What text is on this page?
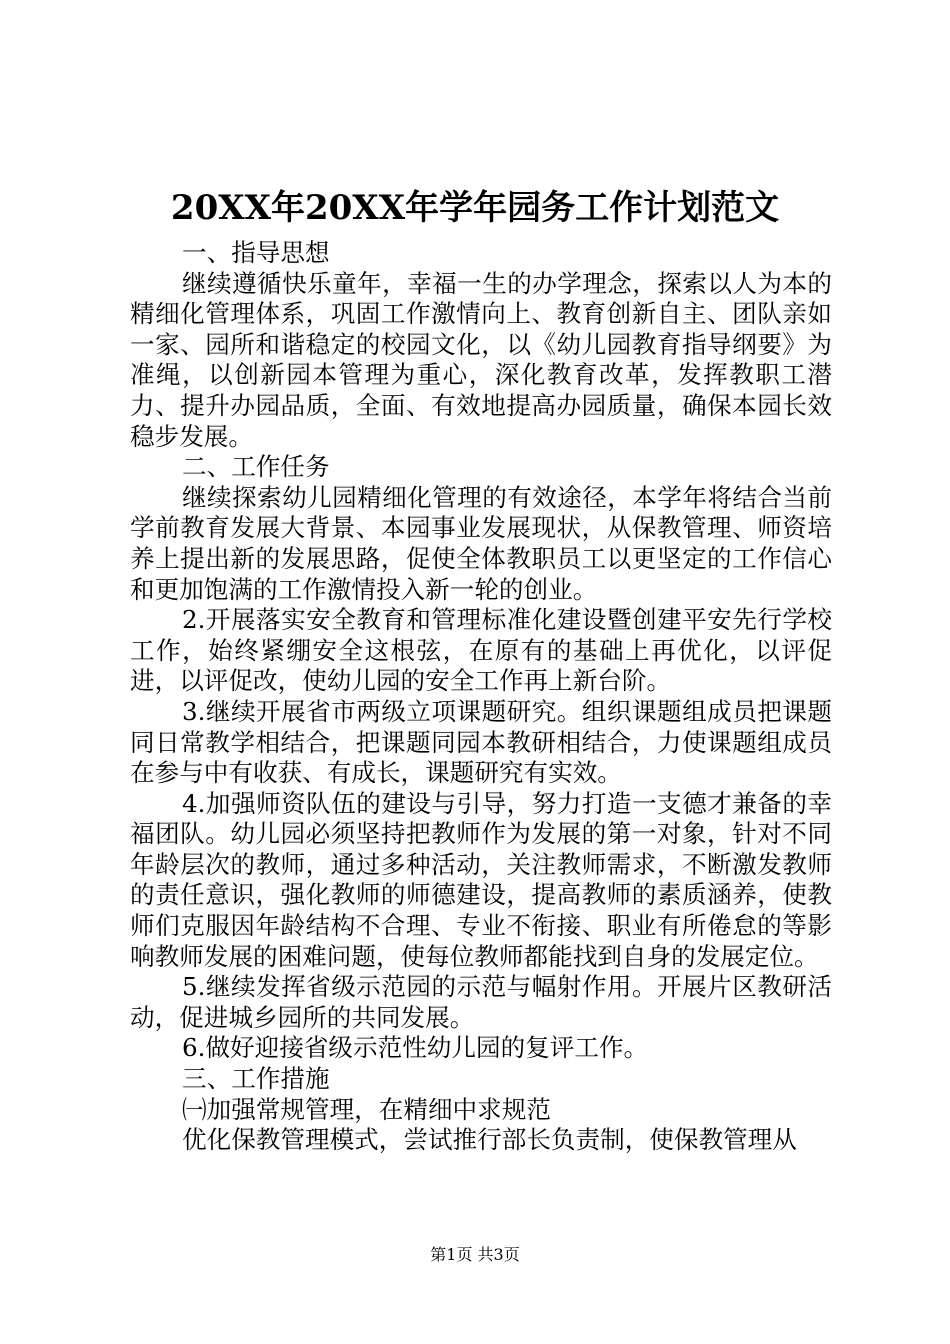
20XX年20XX年学年园务工作计划范文

一、指导思想

继续遵循快乐童年，幸福一生的办学理念，探索以人为本的精细化管理体系，巩固工作激情向上、教育创新自主、团队亲如一家、园所和谐稳定的校园文化，以《幼儿园教育指导纲要》为准绳，以创新园本管理为重心，深化教育改革，发挥教职工潜力、提升办园品质，全面、有效地提高办园质量，确保本园长效稳步发展。

二、工作任务

继续探索幼儿园精细化管理的有效途径，本学年将结合当前学前教育发展大背景、本园事业发展现状，从保教管理、师资培养上提出新的发展思路，促使全体教职员工以更坚定的工作信心和更加饱满的工作激情投入新一轮的创业。

2.开展落实安全教育和管理标准化建设暨创建平安先行学校工作，始终紧绷安全这根弦，在原有的基础上再优化，以评促进，以评促改，使幼儿园的安全工作再上新台阶。

3.继续开展省市两级立项课题研究。组织课题组成员把课题同日常教学相结合，把课题同园本教研相结合，力使课题组成员在参与中有收获、有成长，课题研究有实效。

4.加强师资队伍的建设与引导，努力打造一支德才兼备的幸福团队。幼儿园必须坚持把教师作为发展的第一对象，针对不同年龄层次的教师，通过多种活动，关注教师需求，不断激发教师的责任意识，强化教师的师德建设，提高教师的素质涵养，使教师们克服因年龄结构不合理、专业不衔接、职业有所倦怠的等影响教师发展的困难问题，使每位教师都能找到自身的发展定位。

5.继续发挥省级示范园的示范与幅射作用。开展片区教研活动，促进城乡园所的共同发展。

6.做好迎接省级示范性幼儿园的复评工作。

三、工作措施

㈠加强常规管理，在精细中求规范

优化保教管理模式，尝试推行部长负责制，使保教管理从

第1页 共3页
